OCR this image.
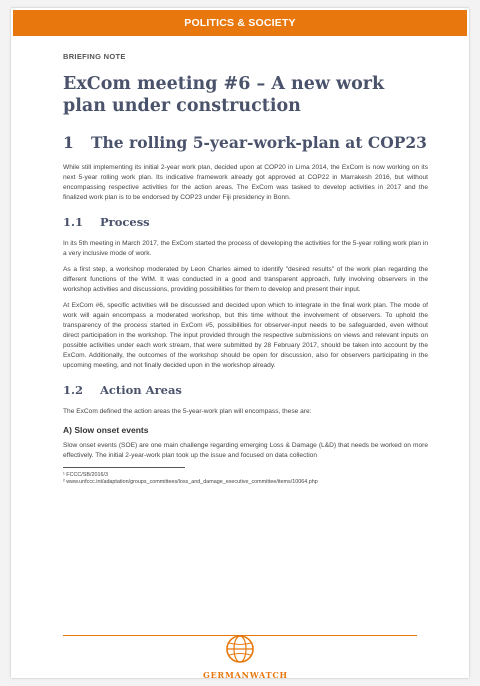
POLITICS & SOCIETY
BRIEFING NOTE
ExCom meeting #6 – A new work plan under construction
1	The rolling 5-year-work-plan at COP23

While still implementing its initial 2-year work plan, decided upon at COP20 in Lima 2014, the ExCom is now working on its next 5-year rolling work plan. Its indicative framework already got approved at COP22 in Marrakesh 2016, but without encompassing respective activities for the action areas. The ExCom was tasked to develop activities in 2017 and the finalized work plan is to be endorsed by COP23 under Fiji presidency in Bonn.

1.1	Process

In its 5th meeting in March 2017, the ExCom started the process of developing the activities for the 5-year rolling work plan in a very inclusive mode of work.

As a first step, a workshop moderated by Leon Charles aimed to identify "desired results" of the work plan regarding the different functions of the WIM. It was conducted in a good and transparent approach, fully involving observers in the workshop activities and discussions, providing possibilities for them to develop and present their input.

At ExCom #6, specific activities will be discussed and decided upon which to integrate in the final work plan. The mode of work will again encompass a moderated workshop, but this time without the involvement of observers. To uphold the transparency of the process started in ExCom #5, possibilities for observer-input needs to be safeguarded, even without direct participation in the workshop. The input provided through the respective submissions on views and relevant inputs on possible activities under each work stream, that were submitted by 28 February 2017, should be taken into account by the ExCom. Additionally, the outcomes of the workshop should be open for discussion, also for observers participating in the upcoming meeting, and not finally decided upon in the workshop already.

1.2	Action Areas

The ExCom defined the action areas the 5-year-work plan will encompass, these are:

A) Slow onset events

Slow onset events (SOE) are one main challenge regarding emerging Loss & Damage (L&D) that needs be worked on more effectively. The initial 2-year-work plan took up the issue and focused on data collection

¹ FCCC/SB/2016/3

² www.unfccc.int/adaptation/groups_committees/loss_and_damage_executive_committee/items/10064.php

GERMANWATCH
